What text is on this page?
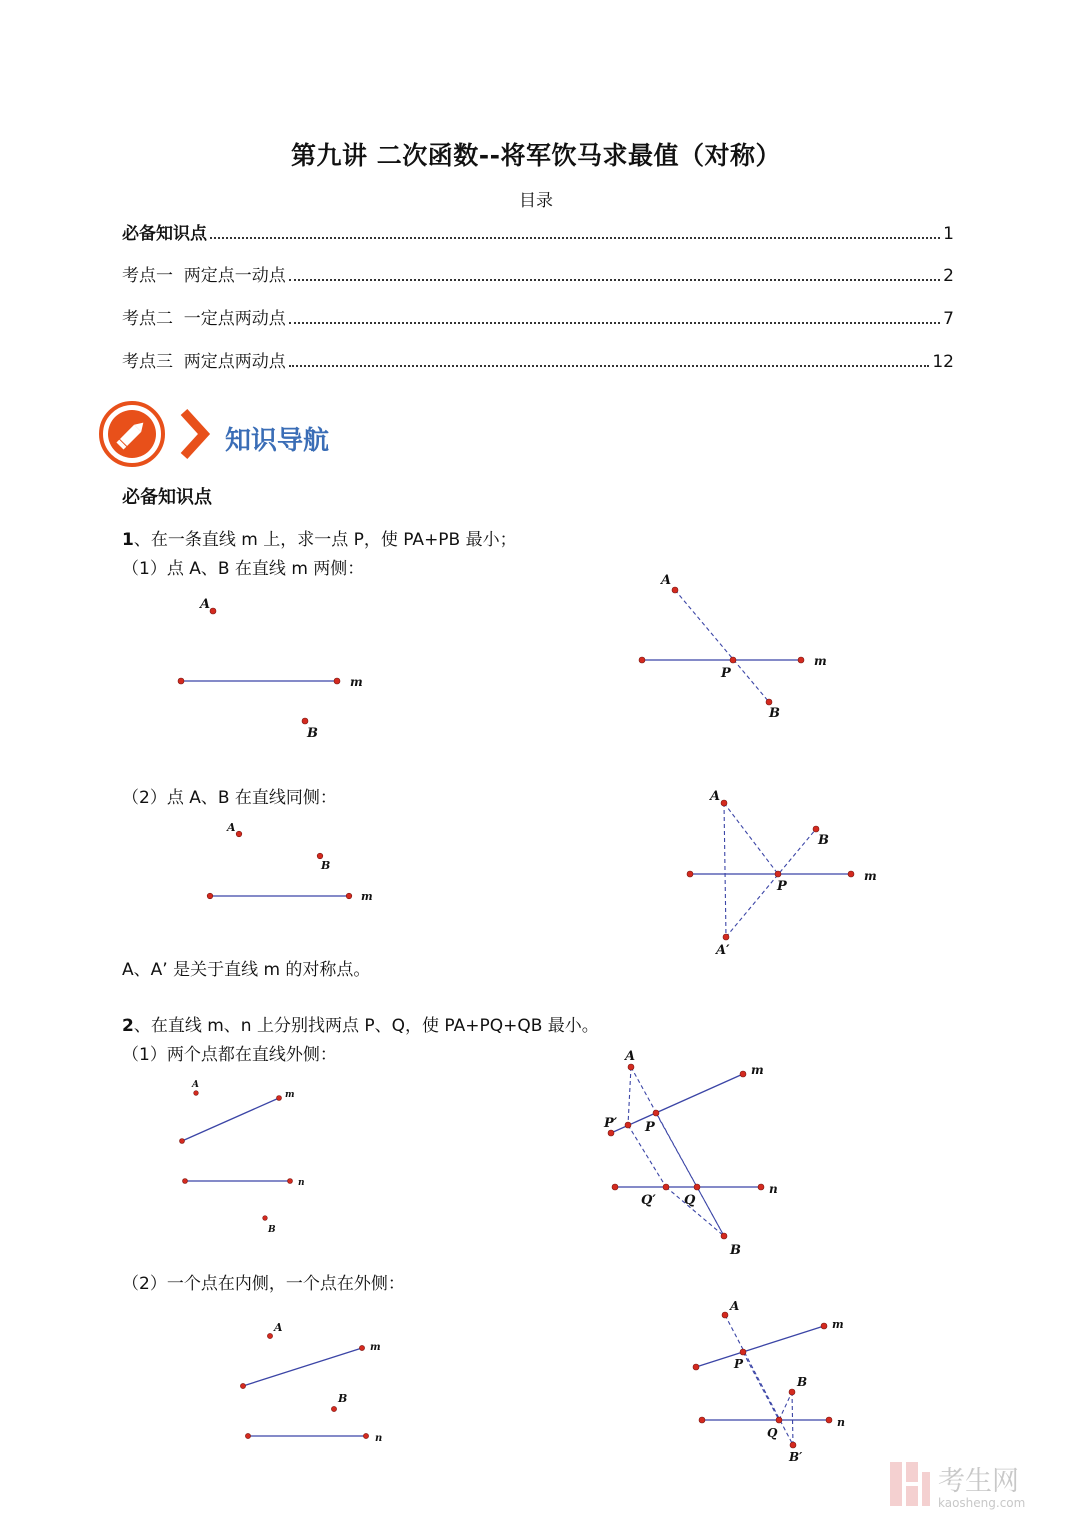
第九讲 二次函数--将军饮马求最值（对称）
目录
必备知识点	1
考点一  两定点一动点	2
考点二  一定点两动点	7
考点三  两定点两动点	12
知识导航
必备知识点
1、在一条直线 m 上，求一点 P，使 PA+PB 最小；
（1）点 A、B 在直线 m 两侧：
（2）点 A、B 在直线同侧：
A、A’ 是关于直线 m 的对称点。
2、在直线 m、n 上分别找两点 P、Q，使 PA+PQ+QB 最小。
（1）两个点都在直线外侧：
（2）一个点在内侧，一个点在外侧：
A
m
B
A
P
m
B
A
B
m
A
B
P
m
A′
A
m
n
B
A
m
P′ P
n
Q′ Q
B
A
m
B
n
A
m
P
B
n
Q
B′
考生网
kaosheng.com
